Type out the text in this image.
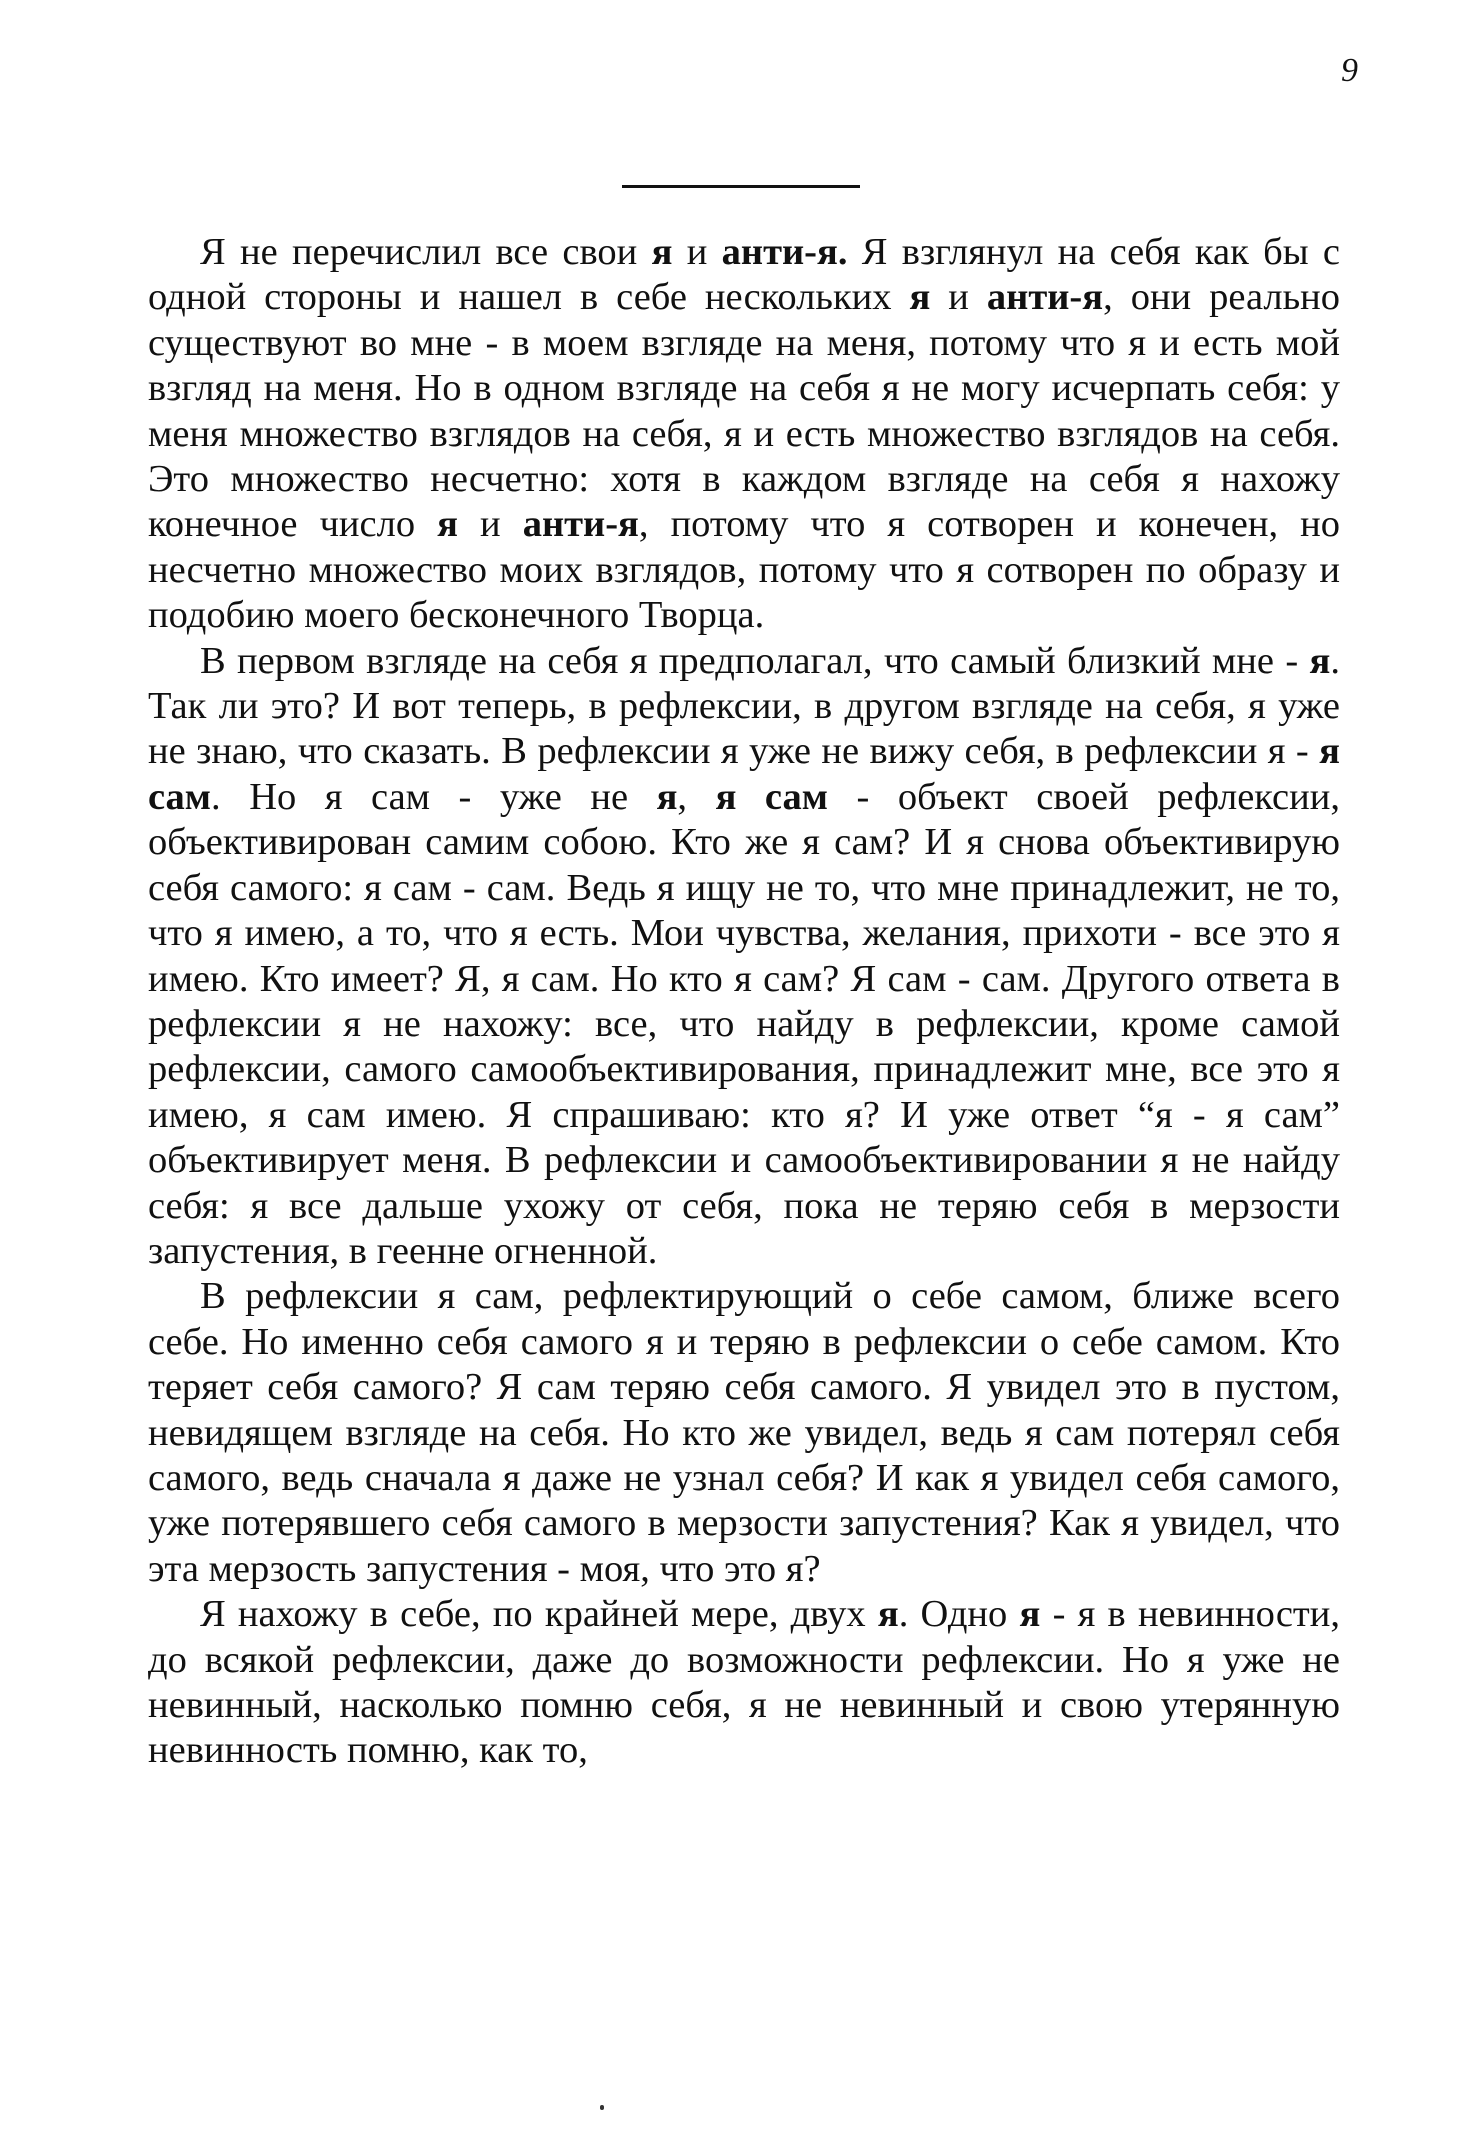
9

Я не перечислил все свои я и анти-я. Я взглянул на себя как бы с одной стороны и нашел в себе нескольких я и анти-я, они реально существуют во мне - в моем взгляде на меня, потому что я и есть мой взгляд на меня. Но в одном взгляде на себя я не могу исчерпать себя: у меня множество взглядов на себя, я и есть множество взглядов на себя. Это множество несчетно: хотя в каждом взгляде на себя я нахожу конечное число я и анти-я, потому что я сотворен и конечен, но несчетно множество моих взглядов, потому что я сотворен по образу и подобию моего бесконечного Творца.

В первом взгляде на себя я предполагал, что самый близкий мне - я. Так ли это? И вот теперь, в рефлексии, в другом взгляде на себя, я уже не знаю, что сказать. В рефлексии я уже не вижу себя, в рефлексии я - я сам. Но я сам - уже не я, я сам - объект своей рефлексии, объективирован самим собою. Кто же я сам? И я снова объективирую себя самого: я сам - сам. Ведь я ищу не то, что мне принадлежит, не то, что я имею, а то, что я есть. Мои чувства, желания, прихоти - все это я имею. Кто имеет? Я, я сам. Но кто я сам? Я сам - сам. Другого ответа в рефлексии я не нахожу: все, что найду в рефлексии, кроме самой рефлексии, самого самообъективирования, принадлежит мне, все это я имею, я сам имею. Я спрашиваю: кто я? И уже ответ “я - я сам” объективирует меня. В рефлексии и самообъективировании я не найду себя: я все дальше ухожу от себя, пока не теряю себя в мерзости запустения, в геенне огненной.

В рефлексии я сам, рефлектирующий о себе самом, ближе всего себе. Но именно себя самого я и теряю в рефлексии о себе самом. Кто теряет себя самого? Я сам теряю себя самого. Я увидел это в пустом, невидящем взгляде на себя. Но кто же увидел, ведь я сам потерял себя самого, ведь сначала я даже не узнал себя? И как я увидел себя самого, уже потерявшего себя самого в мерзости запустения? Как я увидел, что эта мерзость запустения - моя, что это я?

Я нахожу в себе, по крайней мере, двух я. Одно я - я в невинности, до всякой рефлексии, даже до возможности рефлексии. Но я уже не невинный, насколько помню себя, я не невинный и свою утерянную невинность помню, как то,
